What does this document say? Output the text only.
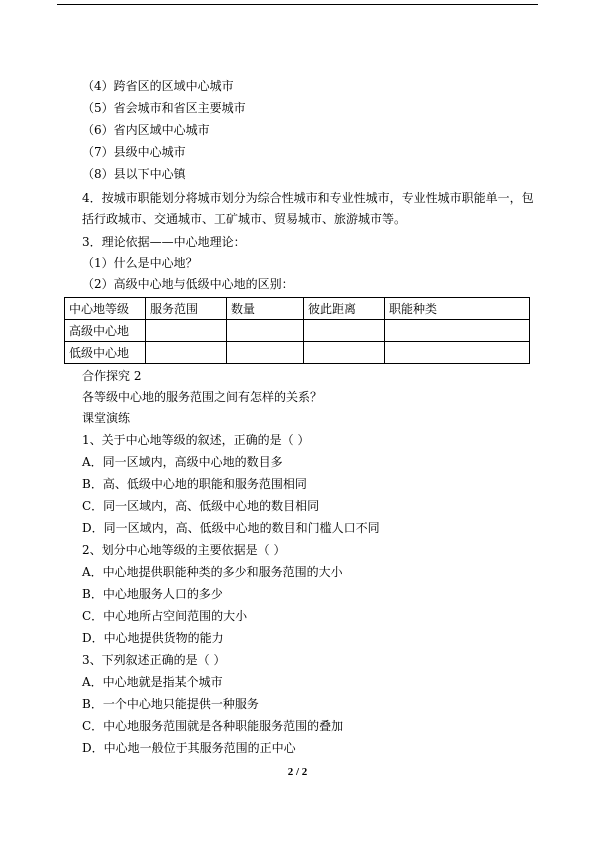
（4）跨省区的区域中心城市
（5）省会城市和省区主要城市
（6）省内区域中心城市
（7）县级中心城市
（8）县以下中心镇
4．按城市职能划分将城市划分为综合性城市和专业性城市，专业性城市职能单一，包括行政城市、交通城市、工矿城市、贸易城市、旅游城市等。
3．理论依据——中心地理论：
（1）什么是中心地？
（2）高级中心地与低级中心地的区别：
中心地等级	服务范围	数量	彼此距离	职能种类
高级中心地				
低级中心地				
合作探究 2
各等级中心地的服务范围之间有怎样的关系？
课堂演练
1、关于中心地等级的叙述，正确的是（ ）
A．同一区域内，高级中心地的数目多
B．高、低级中心地的职能和服务范围相同
C．同一区域内，高、低级中心地的数目相同
D．同一区域内，高、低级中心地的数目和门槛人口不同
2、划分中心地等级的主要依据是（ ）
A．中心地提供职能种类的多少和服务范围的大小
B．中心地服务人口的多少
C．中心地所占空间范围的大小
D．中心地提供货物的能力
3、下列叙述正确的是（ ）
A．中心地就是指某个城市
B．一个中心地只能提供一种服务
C．中心地服务范围就是各种职能服务范围的叠加
D．中心地一般位于其服务范围的正中心
2 / 2
